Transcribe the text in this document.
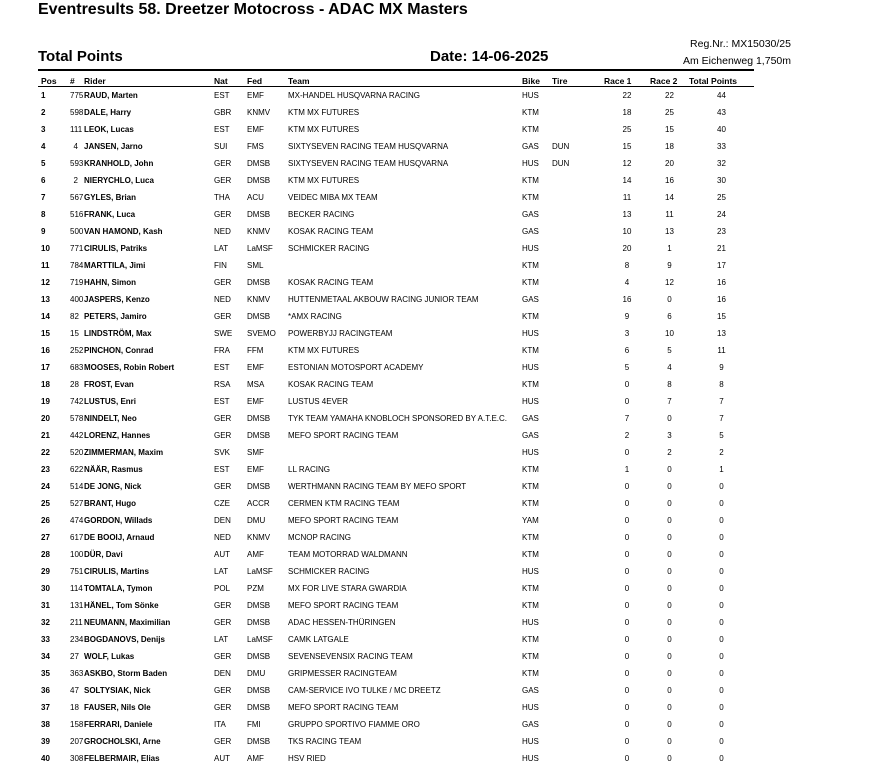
Eventresults 58. Dreetzer Motocross - ADAC MX Masters
Total Points	Date: 14-06-2025
Reg.Nr.: MX15030/25
Am Eichenweg 1,750m
Pos	#	Rider	Nat	Fed	Team	Bike	Tire	Race 1	Race 2	Total Points
1	775	RAUD, Marten	EST	EMF	MX-HANDEL HUSQVARNA RACING	HUS		22	22	44
2	598	DALE, Harry	GBR	KNMV	KTM MX FUTURES	KTM		18	25	43
3	111	LEOK, Lucas	EST	EMF	KTM MX FUTURES	KTM		25	15	40
4	4	JANSEN, Jarno	SUI	FMS	SIXTYSEVEN RACING TEAM HUSQVARNA	GAS	DUN	15	18	33
5	593	KRANHOLD, John	GER	DMSB	SIXTYSEVEN RACING TEAM HUSQVARNA	HUS	DUN	12	20	32
6	2	NIERYCHLO, Luca	GER	DMSB	KTM MX FUTURES	KTM		14	16	30
7	567	GYLES, Brian	THA	ACU	VEIDEC MIBA MX TEAM	KTM		11	14	25
8	516	FRANK, Luca	GER	DMSB	BECKER RACING	GAS		13	11	24
9	500	VAN HAMOND, Kash	NED	KNMV	KOSAK RACING TEAM	GAS		10	13	23
10	771	CIRULIS, Patriks	LAT	LaMSF	SCHMICKER RACING	HUS		20	1	21
11	784	MARTTILA, Jimi	FIN	SML		KTM		8	9	17
12	719	HAHN, Simon	GER	DMSB	KOSAK RACING TEAM	KTM		4	12	16
13	400	JASPERS, Kenzo	NED	KNMV	HUTTENMETAAL AKBOUW RACING JUNIOR TEAM	GAS		16	0	16
14	82	PETERS, Jamiro	GER	DMSB	*AMX RACING	KTM		9	6	15
15	15	LINDSTRÖM, Max	SWE	SVEMO	POWERBYJJ RACINGTEAM	HUS		3	10	13
16	252	PINCHON, Conrad	FRA	FFM	KTM MX FUTURES	KTM		6	5	11
17	683	MOOSES, Robin Robert	EST	EMF	ESTONIAN MOTOSPORT ACADEMY	HUS		5	4	9
18	28	FROST, Evan	RSA	MSA	KOSAK RACING TEAM	KTM		0	8	8
19	742	LUSTUS, Enri	EST	EMF	LUSTUS 4EVER	HUS		0	7	7
20	578	NINDELT, Neo	GER	DMSB	TYK TEAM YAMAHA KNOBLOCH SPONSORED BY A.T.E.C.	GAS		7	0	7
21	442	LORENZ, Hannes	GER	DMSB	MEFO SPORT RACING TEAM	GAS		2	3	5
22	520	ZIMMERMAN, Maxim	SVK	SMF		HUS		0	2	2
23	622	NÄÄR, Rasmus	EST	EMF	LL RACING	KTM		1	0	1
24	514	DE JONG, Nick	GER	DMSB	WERTHMANN RACING TEAM BY MEFO SPORT	KTM		0	0	0
25	527	BRANT, Hugo	CZE	ACCR	CERMEN KTM RACING TEAM	KTM		0	0	0
26	474	GORDON, Willads	DEN	DMU	MEFO SPORT RACING TEAM	YAM		0	0	0
27	617	DE BOOIJ, Arnaud	NED	KNMV	MCNOP RACING	KTM		0	0	0
28	100	DÜR, Davi	AUT	AMF	TEAM MOTORRAD WALDMANN	KTM		0	0	0
29	751	CIRULIS, Martins	LAT	LaMSF	SCHMICKER RACING	HUS		0	0	0
30	114	TOMTALA, Tymon	POL	PZM	MX FOR LIVE STARA GWARDIA	KTM		0	0	0
31	131	HÄNEL, Tom Sönke	GER	DMSB	MEFO SPORT RACING TEAM	KTM		0	0	0
32	211	NEUMANN, Maximilian	GER	DMSB	ADAC HESSEN-THÜRINGEN	HUS		0	0	0
33	234	BOGDANOVS, Denijs	LAT	LaMSF	CAMK LATGALE	KTM		0	0	0
34	27	WOLF, Lukas	GER	DMSB	SEVENSEVENSIX RACING TEAM	KTM		0	0	0
35	363	ASKBO, Storm Baden	DEN	DMU	GRIPMESSER RACINGTEAM	KTM		0	0	0
36	47	SOLTYSIAK, Nick	GER	DMSB	CAM-SERVICE IVO TULKE / MC DREETZ	GAS		0	0	0
37	18	FAUSER, Nils Ole	GER	DMSB	MEFO SPORT RACING TEAM	HUS		0	0	0
38	158	FERRARI, Daniele	ITA	FMI	GRUPPO SPORTIVO FIAMME ORO	GAS		0	0	0
39	207	GROCHOLSKI, Arne	GER	DMSB	TKS RACING TEAM	HUS		0	0	0
40	308	FELBERMAIR, Elias	AUT	AMF	HSV RIED	HUS		0	0	0
